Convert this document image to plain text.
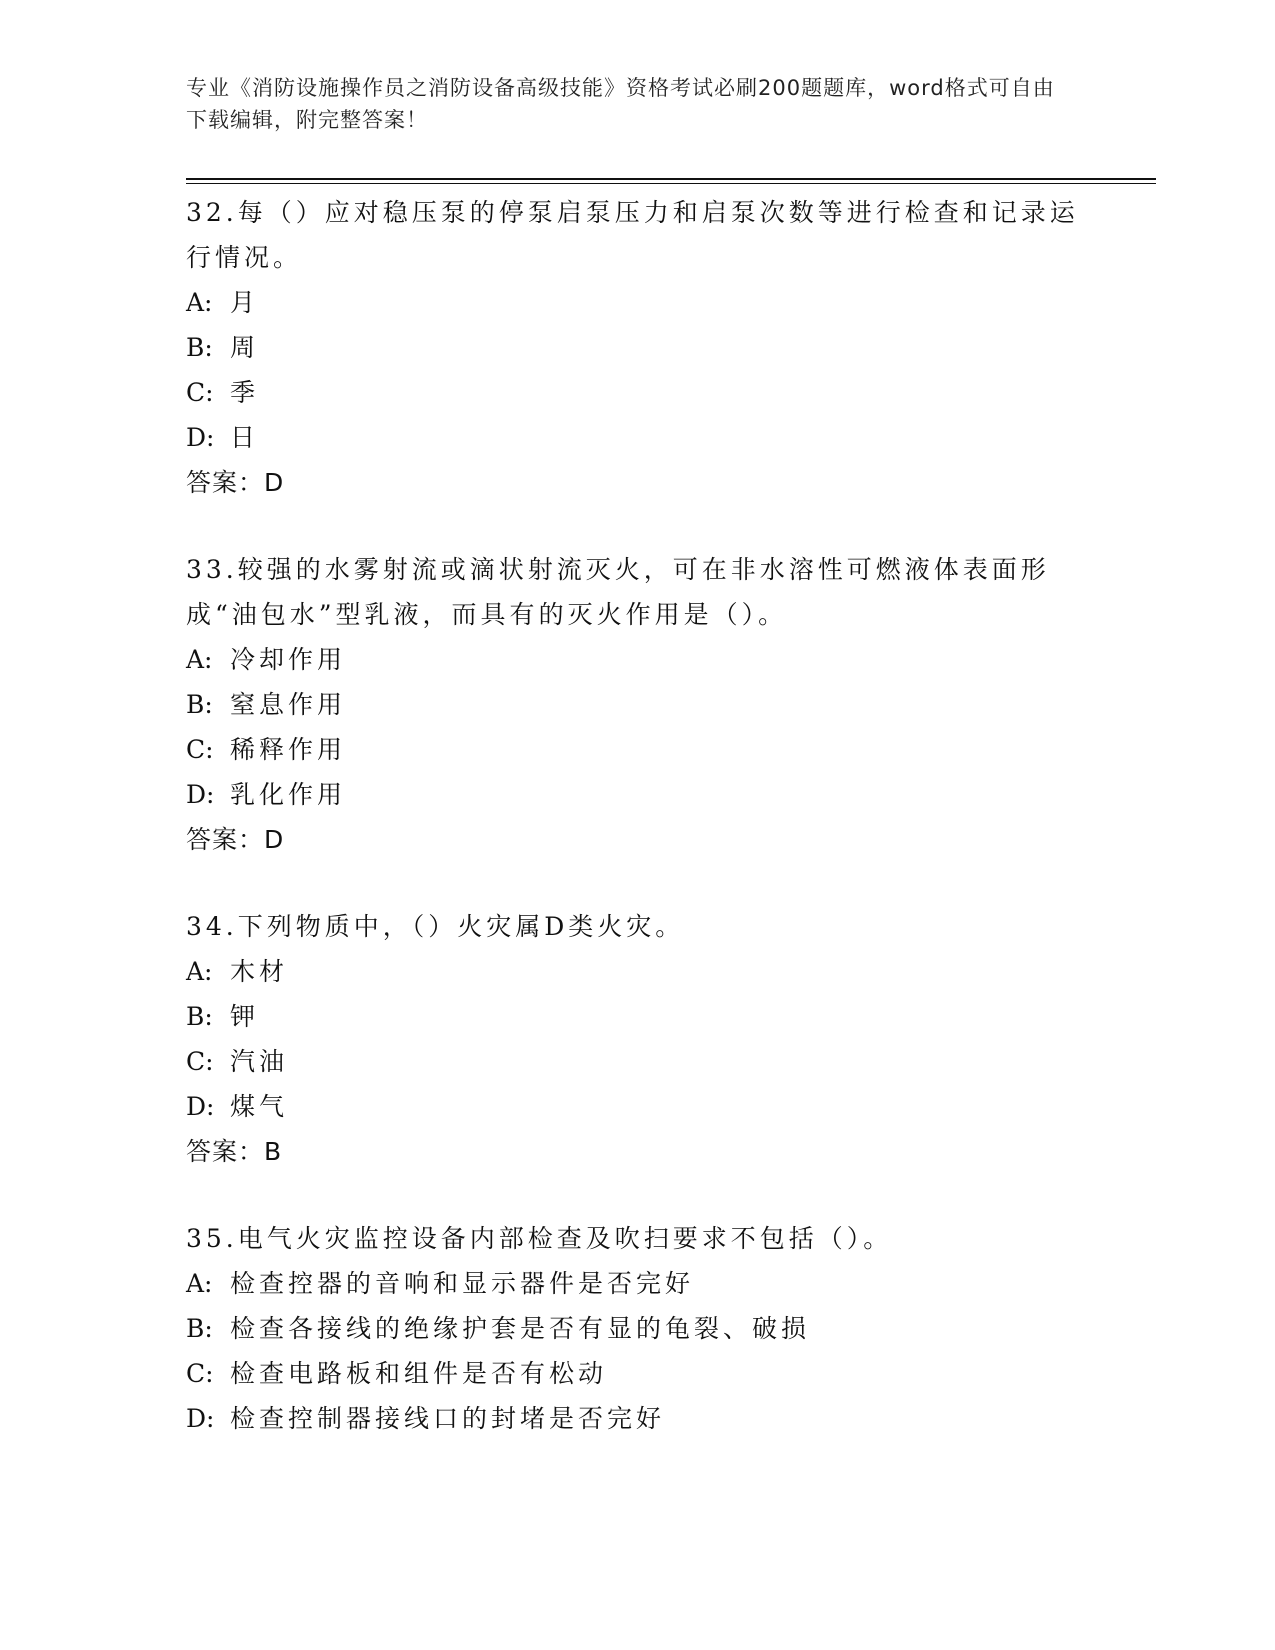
专业《消防设施操作员之消防设备高级技能》资格考试必刷200题题库，word格式可自由下载编辑，附完整答案！

32.每（）应对稳压泵的停泵启泵压力和启泵次数等进行检查和记录运行情况。

A: 月

B: 周

C: 季

D: 日

答案：D

33.较强的水雾射流或滴状射流灭火，可在非水溶性可燃液体表面形成“油包水”型乳液，而具有的灭火作用是（）。

A: 冷却作用

B: 窒息作用

C: 稀释作用

D: 乳化作用

答案：D

34.下列物质中，（）火灾属D类火灾。

A: 木材

B: 钾

C: 汽油

D: 煤气

答案：B

35.电气火灾监控设备内部检查及吹扫要求不包括（）。

A: 检查控器的音响和显示器件是否完好

B: 检查各接线的绝缘护套是否有显的龟裂、破损

C: 检查电路板和组件是否有松动

D: 检查控制器接线口的封堵是否完好
